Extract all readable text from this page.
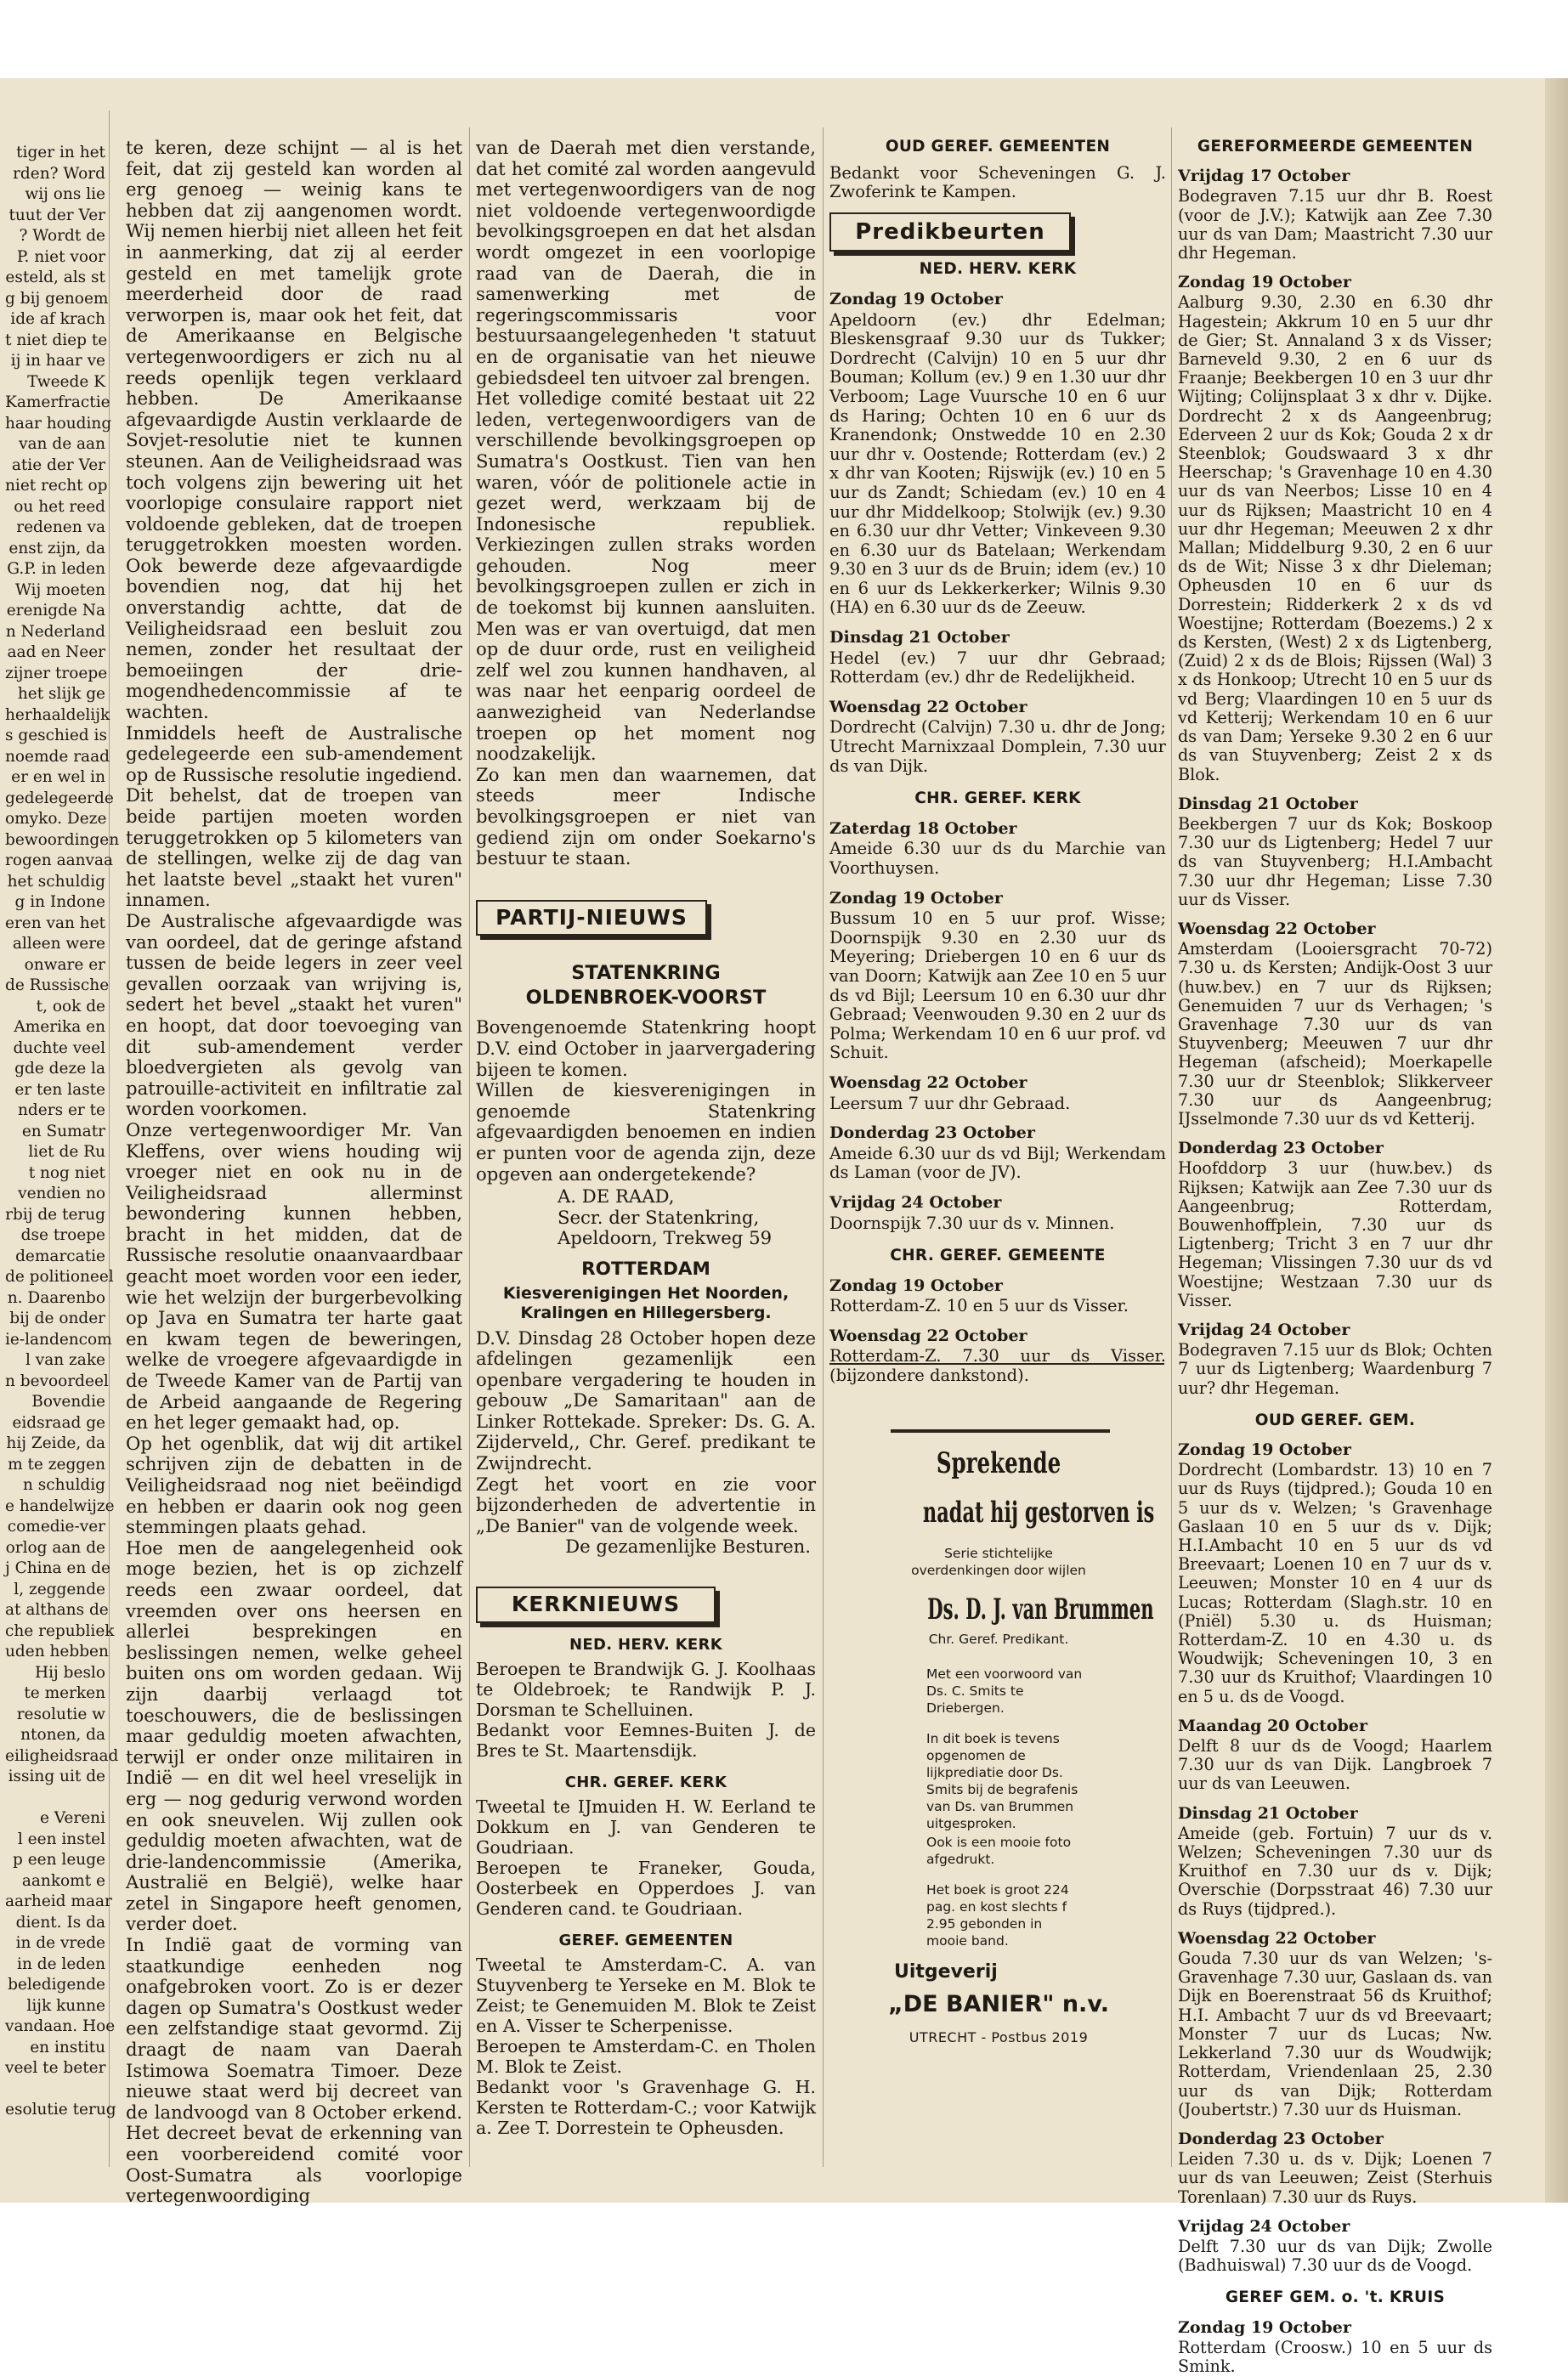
tiger in het
rden? Word
wij ons lie
tuut der Ver
? Wordt de
P. niet voor
esteld, als st
g bij genoem
ide af krach
t niet diep te
ij in haar ve
Tweede K
Kamerfractie
haar houding
van de aan
atie der Ver
niet recht op
ou het reed
redenen va
enst zijn, da
G.P. in leden
Wij moeten
erenigde Na
n Nederland
aad en Neer
zijner troepe
het slijk ge
herhaaldelijk
s geschied is
noemde raad
er en wel in
gedelegeerde
omyko. Deze
bewoordingen
rogen aanvaa
het schuldig
g in Indone
eren van het
alleen were
onware er
de Russische
t, ook de
Amerika en
duchte veel
gde deze la
er ten laste
nders er te
en Sumatr
liet de Ru
t nog niet
vendien no
rbij de terug
dse troepe
demarcatie
de politioneel
n. Daarenbo
bij de onder
ie-landencom
l van zake
n bevoordeel
Bovendie
eidsraad ge
hij Zeide, da
m te zeggen
n schuldig
e handelwijze
comedie-ver
orlog aan de
j China en de
l, zeggende
at althans de
che republiek
uden hebben
Hij beslo
te merken
resolutie w
ntonen, da
eiligheidsraad
issing uit de
e Vereni
l een instel
p een leuge
aankomt e
aarheid maar
dient. Is da
in de vrede
in de leden
beledigende
lijk kunne
vandaan. Hoe
en institu
veel te beter
esolutie terug

te keren, deze schijnt — al is het feit, dat zij gesteld kan worden al erg genoeg — weinig kans te hebben dat zij aangenomen wordt. Wij nemen hierbij niet alleen het feit in aanmerking, dat zij al eerder gesteld en met tamelijk grote meerderheid door de raad verworpen is, maar ook het feit, dat de Amerikaanse en Belgische vertegenwoordigers er zich nu al reeds openlijk tegen verklaard hebben. De Amerikaanse afgevaardigde Austin verklaarde de Sovjet-resolutie niet te kunnen steunen. Aan de Veiligheidsraad was toch volgens zijn bewering uit het voorlopige consulaire rapport niet voldoende gebleken, dat de troepen teruggetrokken moesten worden. Ook bewerde deze afgevaardigde bovendien nog, dat hij het onverstandig achtte, dat de Veiligheidsraad een besluit zou nemen, zonder het resultaat der bemoeiingen der drie-mogendhedencommissie af te wachten.
Inmiddels heeft de Australische gedelegeerde een sub-amendement op de Russische resolutie ingediend. Dit behelst, dat de troepen van beide partijen moeten worden teruggetrokken op 5 kilometers van de stellingen, welke zij de dag van het laatste bevel „staakt het vuren" innamen.
De Australische afgevaardigde was van oordeel, dat de geringe afstand tussen de beide legers in zeer veel gevallen oorzaak van wrijving is, sedert het bevel „staakt het vuren" en hoopt, dat door toevoeging van dit sub-amendement verder bloedvergieten als gevolg van patrouille-activiteit en infiltratie zal worden voorkomen.
Onze vertegenwoordiger Mr. Van Kleffens, over wiens houding wij vroeger niet en ook nu in de Veiligheidsraad allerminst bewondering kunnen hebben, bracht in het midden, dat de Russische resolutie onaanvaardbaar geacht moet worden voor een ieder, wie het welzijn der burgerbevolking op Java en Sumatra ter harte gaat en kwam tegen de beweringen, welke de vroegere afgevaardigde in de Tweede Kamer van de Partij van de Arbeid aangaande de Regering en het leger gemaakt had, op.
Op het ogenblik, dat wij dit artikel schrijven zijn de debatten in de Veiligheidsraad nog niet beëindigd en hebben er daarin ook nog geen stemmingen plaats gehad.
Hoe men de aangelegenheid ook moge bezien, het is op zichzelf reeds een zwaar oordeel, dat vreemden over ons heersen en allerlei besprekingen en beslissingen nemen, welke geheel buiten ons om worden gedaan. Wij zijn daarbij verlaagd tot toeschouwers, die de beslissingen maar geduldig moeten afwachten, terwijl er onder onze militairen in Indië — en dit wel heel vreselijk in erg — nog gedurig verwond worden en ook sneuvelen. Wij zullen ook geduldig moeten afwachten, wat de drie-landencommissie (Amerika, Australië en België), welke haar zetel in Singapore heeft genomen, verder doet.
In Indië gaat de vorming van staatkundige eenheden nog onafgebroken voort. Zo is er dezer dagen op Sumatra's Oostkust weder een zelfstandige staat gevormd. Zij draagt de naam van Daerah Istimowa Soematra Timoer. Deze nieuwe staat werd bij decreet van de landvoogd van 8 October erkend. Het decreet bevat de erkenning van een voorbereidend comité voor Oost-Sumatra als voorlopige vertegenwoordiging

van de Daerah met dien verstande, dat het comité zal worden aangevuld met vertegenwoordigers van de nog niet voldoende vertegenwoordigde bevolkingsgroepen en dat het alsdan wordt omgezet in een voorlopige raad van de Daerah, die in samenwerking met de regeringscommissaris voor bestuursaangelegenheden 't statuut en de organisatie van het nieuwe gebiedsdeel ten uitvoer zal brengen.
Het volledige comité bestaat uit 22 leden, vertegenwoordigers van de verschillende bevolkingsgroepen op Sumatra's Oostkust. Tien van hen waren, vóór de politionele actie in gezet werd, werkzaam bij de Indonesische republiek. Verkiezingen zullen straks worden gehouden. Nog meer bevolkingsgroepen zullen er zich in de toekomst bij kunnen aansluiten. Men was er van overtuigd, dat men op de duur orde, rust en veiligheid zelf wel zou kunnen handhaven, al was naar het eenparig oordeel de aanwezigheid van Nederlandse troepen op het moment nog noodzakelijk.
Zo kan men dan waarnemen, dat steeds meer Indische bevolkingsgroepen er niet van gediend zijn om onder Soekarno's bestuur te staan.

PARTIJ-NIEUWS

STATENKRING OLDENBROEK-VOORST

Bovengenoemde Statenkring hoopt D.V. eind October in jaarvergadering bijeen te komen.

Willen de kiesverenigingen in genoemde Statenkring afgevaardigden benoemen en indien er punten voor de agenda zijn, deze opgeven aan ondergetekende?

A. DE RAAD,

Secr. der Statenkring,

Apeldoorn, Trekweg 59

ROTTERDAM

Kiesverenigingen Het Noorden, Kralingen en Hillegersberg.

D.V. Dinsdag 28 October hopen deze afdelingen gezamenlijk een openbare vergadering te houden in gebouw „De Samaritaan" aan de Linker Rottekade. Spreker: Ds. G. A. Zijderveld,, Chr. Geref. predikant te Zwijndrecht.

Zegt het voort en zie voor bijzonderheden de advertentie in „De Banier" van de volgende week.

De gezamenlijke Besturen.

KERKNIEUWS

NED. HERV. KERK

Beroepen te Brandwijk G. J. Koolhaas te Oldebroek; te Randwijk P. J. Dorsman te Schelluinen.

Bedankt voor Eemnes-Buiten J. de Bres te St. Maartensdijk.

CHR. GEREF. KERK

Tweetal te IJmuiden H. W. Eerland te Dokkum en J. van Genderen te Goudriaan.

Beroepen te Franeker, Gouda, Oosterbeek en Opperdoes J. van Genderen cand. te Goudriaan.

GEREF. GEMEENTEN

Tweetal te Amsterdam-C. A. van Stuyvenberg te Yerseke en M. Blok te Zeist; te Genemuiden M. Blok te Zeist en A. Visser te Scherpenisse.

Beroepen te Amsterdam-C. en Tholen M. Blok te Zeist.

Bedankt voor 's Gravenhage G. H. Kersten te Rotterdam-C.; voor Katwijk a. Zee T. Dorrestein te Opheusden.

OUD GEREF. GEMEENTEN

Bedankt voor Scheveningen G. J. Zwoferink te Kampen.

Predikbeurten

NED. HERV. KERK

Zondag 19 October

Apeldoorn (ev.) dhr Edelman; Bleskensgraaf 9.30 uur ds Tukker; Dordrecht (Calvijn) 10 en 5 uur dhr Bouman; Kollum (ev.) 9 en 1.30 uur dhr Verboom; Lage Vuursche 10 en 6 uur ds Haring; Ochten 10 en 6 uur ds Kranendonk; Onstwedde 10 en 2.30 uur dhr v. Oostende; Rotterdam (ev.) 2 x dhr van Kooten; Rijswijk (ev.) 10 en 5 uur ds Zandt; Schiedam (ev.) 10 en 4 uur dhr Middelkoop; Stolwijk (ev.) 9.30 en 6.30 uur dhr Vetter; Vinkeveen 9.30 en 6.30 uur ds Batelaan; Werkendam 9.30 en 3 uur ds de Bruin; idem (ev.) 10 en 6 uur ds Lekkerkerker; Wilnis 9.30 (HA) en 6.30 uur ds de Zeeuw.

Dinsdag 21 October

Hedel (ev.) 7 uur dhr Gebraad; Rotterdam (ev.) dhr de Redelijkheid.

Woensdag 22 October

Dordrecht (Calvijn) 7.30 u. dhr de Jong; Utrecht Marnixzaal Domplein, 7.30 uur ds van Dijk.

CHR. GEREF. KERK

Zaterdag 18 October

Ameide 6.30 uur ds du Marchie van Voorthuysen.

Zondag 19 October

Bussum 10 en 5 uur prof. Wisse; Doornspijk 9.30 en 2.30 uur ds Meyering; Driebergen 10 en 6 uur ds van Doorn; Katwijk aan Zee 10 en 5 uur ds vd Bijl; Leersum 10 en 6.30 uur dhr Gebraad; Veenwouden 9.30 en 2 uur ds Polma; Werkendam 10 en 6 uur prof. vd Schuit.

Woensdag 22 October

Leersum 7 uur dhr Gebraad.

Donderdag 23 October

Ameide 6.30 uur ds vd Bijl; Werkendam ds Laman (voor de JV).

Vrijdag 24 October

Doornspijk 7.30 uur ds v. Minnen.

CHR. GEREF. GEMEENTE

Zondag 19 October

Rotterdam-Z. 10 en 5 uur ds Visser.

Woensdag 22 October

Rotterdam-Z. 7.30 uur ds Visser. (bijzondere dankstond).

Sprekende
nadat hij gestorven is
Serie stichtelijke overdenkingen door wijlen
Ds. D. J. van Brummen
Chr. Geref. Predikant.
Met een voorwoord van Ds. C. Smits te Driebergen.
In dit boek is tevens opgenomen de lijkprediatie door Ds. Smits bij de begrafenis van Ds. van Brummen uitgesproken.
Ook is een mooie foto afgedrukt.
Het boek is groot 224 pag. en kost slechts f 2.95 gebonden in mooie band.
Uitgeverij
„DE BANIER" n.v.
UTRECHT - Postbus 2019

GEREFORMEERDE GEMEENTEN

Vrijdag 17 October

Bodegraven 7.15 uur dhr B. Roest (voor de J.V.); Katwijk aan Zee 7.30 uur ds van Dam; Maastricht 7.30 uur dhr Hegeman.

Zondag 19 October

Aalburg 9.30, 2.30 en 6.30 dhr Hagestein; Akkrum 10 en 5 uur dhr de Gier; St. Annaland 3 x ds Visser; Barneveld 9.30, 2 en 6 uur ds Fraanje; Beekbergen 10 en 3 uur dhr Wijting; Colijnsplaat 3 x dhr v. Dijke. Dordrecht 2 x ds Aangeenbrug; Ederveen 2 uur ds Kok; Gouda 2 x dr Steenblok; Goudswaard 3 x dhr Heerschap; 's Gravenhage 10 en 4.30 uur ds van Neerbos; Lisse 10 en 4 uur ds Rijksen; Maastricht 10 en 4 uur dhr Hegeman; Meeuwen 2 x dhr Mallan; Middelburg 9.30, 2 en 6 uur ds de Wit; Nisse 3 x dhr Dieleman; Opheusden 10 en 6 uur ds Dorrestein; Ridderkerk 2 x ds vd Woestijne; Rotterdam (Boezems.) 2 x ds Kersten, (West) 2 x ds Ligtenberg, (Zuid) 2 x ds de Blois; Rijssen (Wal) 3 x ds Honkoop; Utrecht 10 en 5 uur ds vd Berg; Vlaardingen 10 en 5 uur ds vd Ketterij; Werkendam 10 en 6 uur ds van Dam; Yerseke 9.30 2 en 6 uur ds van Stuyvenberg; Zeist 2 x ds Blok.

Dinsdag 21 October

Beekbergen 7 uur ds Kok; Boskoop 7.30 uur ds Ligtenberg; Hedel 7 uur ds van Stuyvenberg; H.I.Ambacht 7.30 uur dhr Hegeman; Lisse 7.30 uur ds Visser.

Woensdag 22 October

Amsterdam (Looiersgracht 70-72) 7.30 u. ds Kersten; Andijk-Oost 3 uur (huw.bev.) en 7 uur ds Rijksen; Genemuiden 7 uur ds Verhagen; 's Gravenhage 7.30 uur ds van Stuyvenberg; Meeuwen 7 uur dhr Hegeman (afscheid); Moerkapelle 7.30 uur dr Steenblok; Slikkerveer 7.30 uur ds Aangeenbrug; IJsselmonde 7.30 uur ds vd Ketterij.

Donderdag 23 October

Hoofddorp 3 uur (huw.bev.) ds Rijksen; Katwijk aan Zee 7.30 uur ds Aangeenbrug; Rotterdam, Bouwenhoffplein, 7.30 uur ds Ligtenberg; Tricht 3 en 7 uur dhr Hegeman; Vlissingen 7.30 uur ds vd Woestijne; Westzaan 7.30 uur ds Visser.

Vrijdag 24 October

Bodegraven 7.15 uur ds Blok; Ochten 7 uur ds Ligtenberg; Waardenburg 7 uur? dhr Hegeman.

OUD GEREF. GEM.

Zondag 19 October

Dordrecht (Lombardstr. 13) 10 en 7 uur ds Ruys (tijdpred.); Gouda 10 en 5 uur ds v. Welzen; 's Gravenhage Gaslaan 10 en 5 uur ds v. Dijk; H.I.Ambacht 10 en 5 uur ds vd Breevaart; Loenen 10 en 7 uur ds v. Leeuwen; Monster 10 en 4 uur ds Lucas; Rotterdam (Slagh.str. 10 en (Pniël) 5.30 u. ds Huisman; Rotterdam-Z. 10 en 4.30 u. ds Woudwijk; Scheveningen 10, 3 en 7.30 uur ds Kruithof; Vlaardingen 10 en 5 u. ds de Voogd.

Maandag 20 October

Delft 8 uur ds de Voogd; Haarlem 7.30 uur ds van Dijk. Langbroek 7 uur ds van Leeuwen.

Dinsdag 21 October

Ameide (geb. Fortuin) 7 uur ds v. Welzen; Scheveningen 7.30 uur ds Kruithof en 7.30 uur ds v. Dijk; Overschie (Dorpsstraat 46) 7.30 uur ds Ruys (tijdpred.).

Woensdag 22 October

Gouda 7.30 uur ds van Welzen; 's-Gravenhage 7.30 uur, Gaslaan ds. van Dijk en Boerenstraat 56 ds Kruithof; H.I. Ambacht 7 uur ds vd Breevaart; Monster 7 uur ds Lucas; Nw. Lekkerland 7.30 uur ds Woudwijk; Rotterdam, Vriendenlaan 25, 2.30 uur ds van Dijk; Rotterdam (Joubertstr.) 7.30 uur ds Huisman.

Donderdag 23 October

Leiden 7.30 u. ds v. Dijk; Loenen 7 uur ds van Leeuwen; Zeist (Sterhuis Torenlaan) 7.30 uur ds Ruys.

Vrijdag 24 October

Delft 7.30 uur ds van Dijk; Zwolle (Badhuiswal) 7.30 uur ds de Voogd.

GEREF GEM. o. 't. KRUIS

Zondag 19 October

Rotterdam (Croosw.) 10 en 5 uur ds Smink.
